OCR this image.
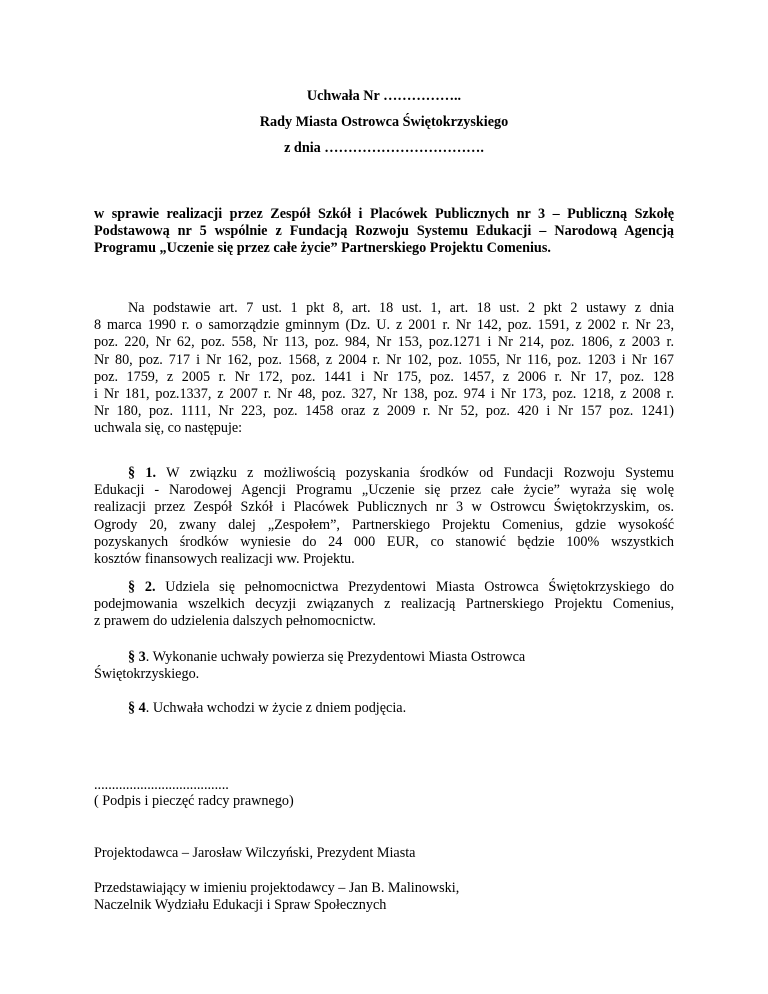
Uchwała Nr ……………..
Rady Miasta Ostrowca Świętokrzyskiego
z dnia …………………………….
w sprawie realizacji przez Zespół Szkół i Placówek Publicznych nr 3 – Publiczną Szkołę
Podstawową nr 5 wspólnie z Fundacją Rozwoju Systemu Edukacji – Narodową Agencją
Programu „Uczenie się przez całe życie” Partnerskiego Projektu Comenius.
Na podstawie art. 7 ust. 1 pkt 8, art. 18 ust. 1, art. 18 ust. 2 pkt 2 ustawy z dnia
8 marca 1990 r. o samorządzie gminnym (Dz. U. z 2001 r. Nr 142, poz. 1591, z 2002 r. Nr 23,
poz. 220, Nr 62, poz. 558, Nr 113, poz. 984, Nr 153, poz.1271 i Nr 214, poz. 1806, z 2003 r.
Nr 80, poz. 717 i Nr 162, poz. 1568, z 2004 r. Nr 102, poz. 1055, Nr 116, poz. 1203 i Nr 167
poz. 1759, z 2005 r. Nr 172, poz. 1441 i Nr 175, poz. 1457, z 2006 r. Nr 17, poz. 128
i Nr 181, poz.1337, z 2007 r. Nr 48, poz. 327, Nr 138, poz. 974 i Nr 173, poz. 1218, z 2008 r.
Nr 180, poz. 1111, Nr 223, poz. 1458 oraz z 2009 r. Nr 52, poz. 420 i Nr 157 poz. 1241)
uchwala się, co następuje:
§ 1. W związku z możliwością pozyskania środków od Fundacji Rozwoju Systemu
Edukacji - Narodowej Agencji Programu „Uczenie się przez całe życie” wyraża się wolę
realizacji przez Zespół Szkół i Placówek Publicznych nr 3 w Ostrowcu Świętokrzyskim, os.
Ogrody 20, zwany dalej „Zespołem”, Partnerskiego Projektu Comenius, gdzie wysokość
pozyskanych środków wyniesie do 24 000 EUR, co stanowić będzie 100% wszystkich
kosztów finansowych realizacji ww. Projektu.
§ 2. Udziela się pełnomocnictwa Prezydentowi Miasta Ostrowca Świętokrzyskiego do
podejmowania wszelkich decyzji związanych z realizacją Partnerskiego Projektu Comenius,
z prawem do udzielenia dalszych pełnomocnictw.
§ 3. Wykonanie uchwały powierza się Prezydentowi Miasta Ostrowca
Świętokrzyskiego.
§ 4. Uchwała wchodzi w życie z dniem podjęcia.
......................................
( Podpis i pieczęć radcy prawnego)
Projektodawca – Jarosław Wilczyński, Prezydent Miasta
Przedstawiający w imieniu projektodawcy – Jan B. Malinowski,
Naczelnik Wydziału Edukacji i Spraw Społecznych
